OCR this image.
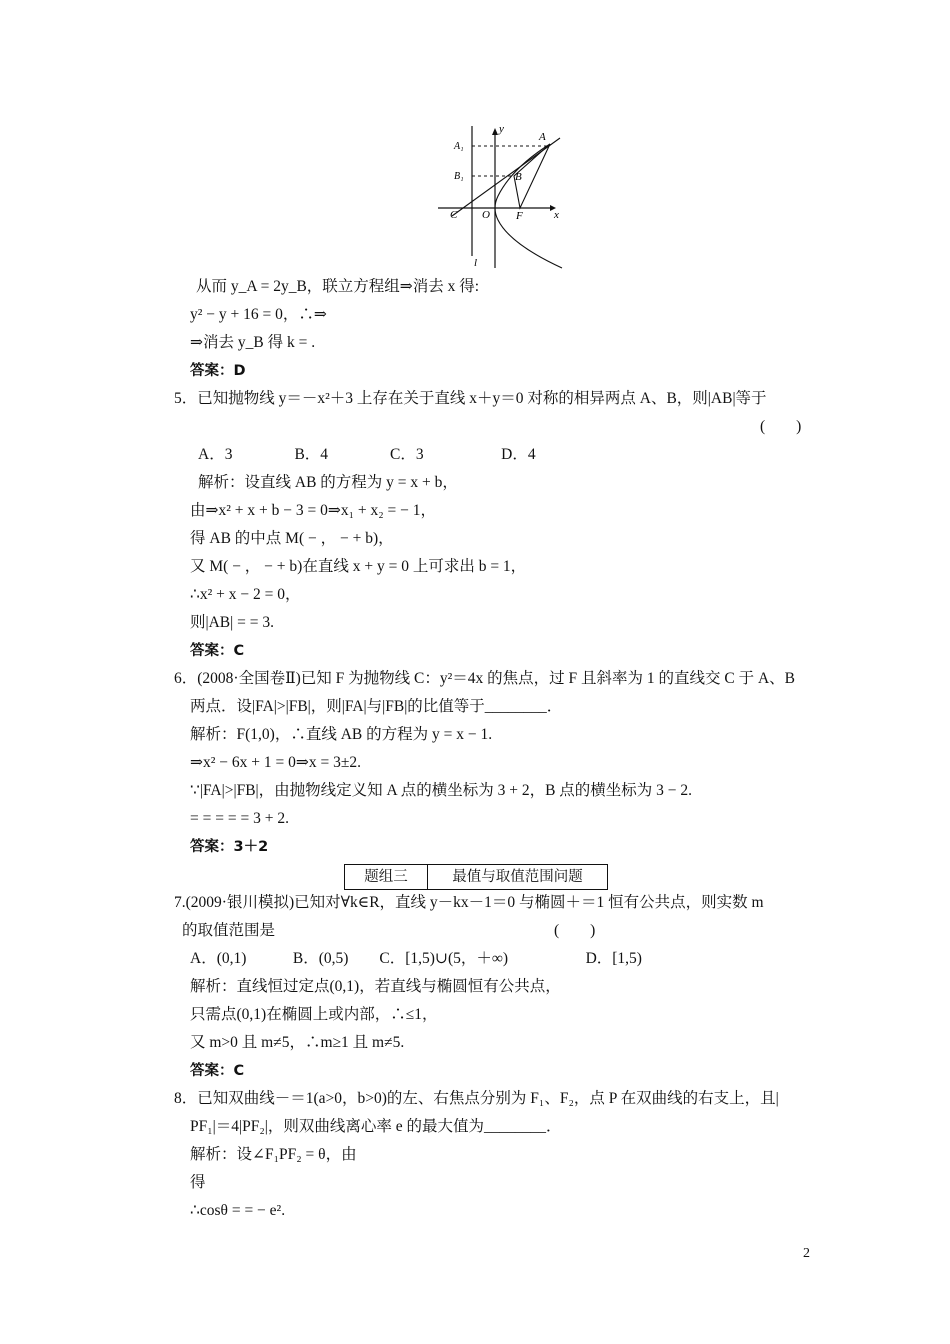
A
A₁
B
B₁
C O F	x
y
l
从而 y_A = 2y_B，联立方程组⇒消去 x 得:
y² − y + 16 = 0，∴⇒
⇒消去 y_B 得 k = .
答案：D
5．已知抛物线 y＝－x²＋3 上存在关于直线 x＋y＝0 对称的相异两点 A、B，则|AB|等于
(　　)
A．3　　　　B．4　　　　C．3　　　　　D．4
解析：设直线 AB 的方程为 y = x + b，
由⇒x² + x + b − 3 = 0⇒x₁ + x₂ = − 1，
得 AB 的中点 M( − ， − + b)，
又 M( − ， − + b)在直线 x + y = 0 上可求出 b = 1，
∴x² + x − 2 = 0，
则|AB| = = 3.
答案：C
6．(2008·全国卷Ⅱ)已知 F 为抛物线 C：y²＝4x 的焦点，过 F 且斜率为 1 的直线交 C 于 A、B
两点．设|FA|>|FB|，则|FA|与|FB|的比值等于________．
解析：F(1,0)，∴直线 AB 的方程为 y = x − 1.
⇒x² − 6x + 1 = 0⇒x = 3±2.
∵|FA|>|FB|，由抛物线定义知 A 点的横坐标为 3 + 2，B 点的横坐标为 3 − 2.
= = = = = 3 + 2.
答案：3＋2
题组三	最值与取值范围问题
7.(2009·银川模拟)已知对∀k∈R，直线 y－kx－1＝0 与椭圆＋＝1 恒有公共点，则实数 m
的取值范围是　　　　　　　　　　　　　　　　　　(　　)
A．(0,1)　　　B．(0,5)　　C．[1,5)∪(5，＋∞)　　　　　D．[1,5)
解析：直线恒过定点(0,1)，若直线与椭圆恒有公共点，
只需点(0,1)在椭圆上或内部，∴≤1，
又 m>0 且 m≠5，∴m≥1 且 m≠5.
答案：C
8．已知双曲线－＝1(a>0，b>0)的左、右焦点分别为 F₁、F₂，点 P 在双曲线的右支上，且|
PF₁|＝4|PF₂|，则双曲线离心率 e 的最大值为________．
解析：设∠F₁PF₂ = θ，由
得
∴cosθ = = − e².
2
